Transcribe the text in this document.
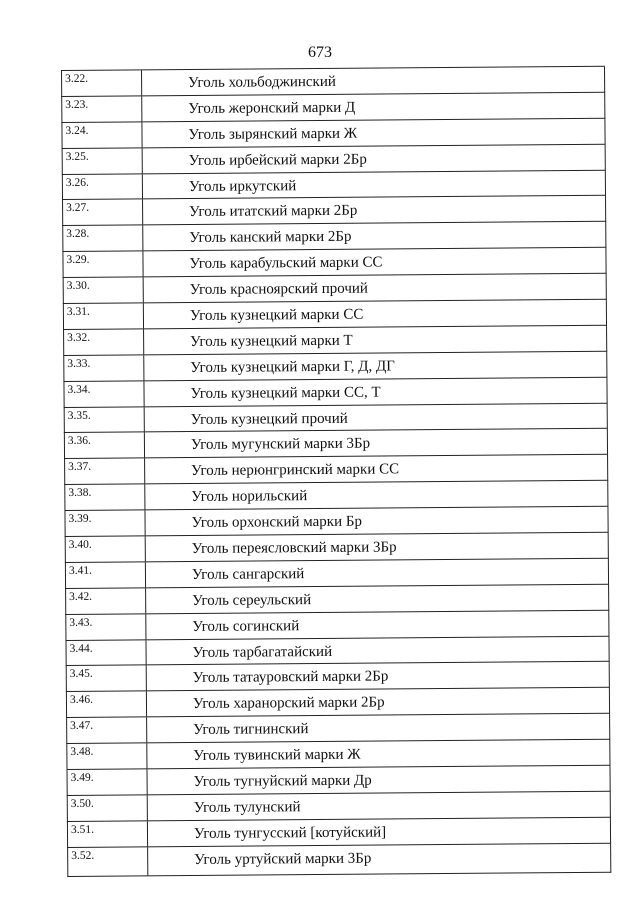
673
3.22.	Уголь хольбоджинский
3.23.	Уголь жеронский марки Д
3.24.	Уголь зырянский марки Ж
3.25.	Уголь ирбейский марки 2Бр
3.26.	Уголь иркутский
3.27.	Уголь итатский марки 2Бр
3.28.	Уголь канский марки 2Бр
3.29.	Уголь карабульский марки СС
3.30.	Уголь красноярский прочий
3.31.	Уголь кузнецкий марки СС
3.32.	Уголь кузнецкий марки Т
3.33.	Уголь кузнецкий марки Г, Д, ДГ
3.34.	Уголь кузнецкий марки СС, Т
3.35.	Уголь кузнецкий прочий
3.36.	Уголь мугунский марки 3Бр
3.37.	Уголь нерюнгринский марки СС
3.38.	Уголь норильский
3.39.	Уголь орхонский марки Бр
3.40.	Уголь переясловский марки 3Бр
3.41.	Уголь сангарский
3.42.	Уголь сереульский
3.43.	Уголь согинский
3.44.	Уголь тарбагатайский
3.45.	Уголь татауровский марки 2Бр
3.46.	Уголь харанорский марки 2Бр
3.47.	Уголь тигнинский
3.48.	Уголь тувинский марки Ж
3.49.	Уголь тугнуйский марки Др
3.50.	Уголь тулунский
3.51.	Уголь тунгусский [котуйский]
3.52.	Уголь уртуйский марки 3Бр
